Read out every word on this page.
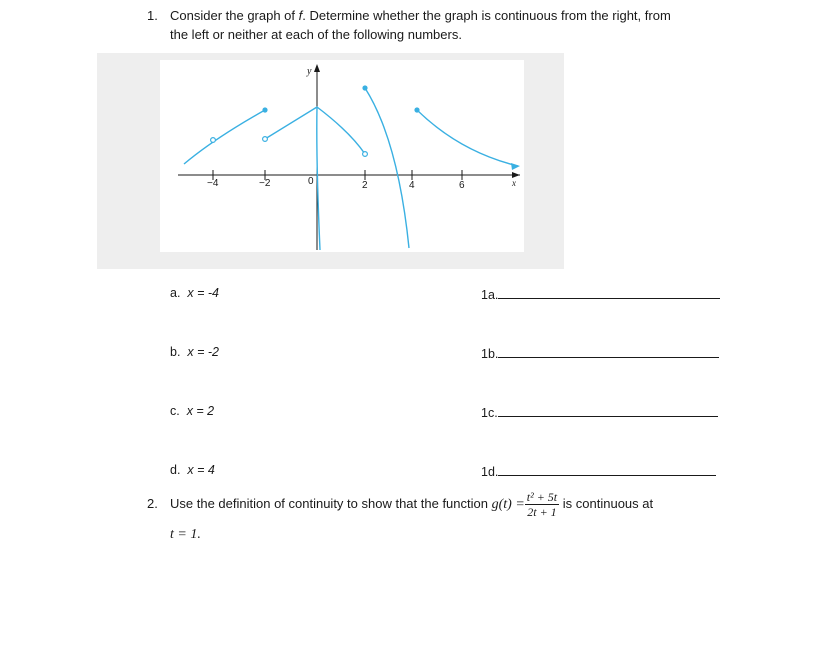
1. Consider the graph of f. Determine whether the graph is continuous from the right, from
the left or neither at each of the following numbers.
y
x
−4	−2	0	2	4	6
a. x = -4	1a.
b. x = -2	1b.
c. x = 2	1c.
d. x = 4	1d.
2. Use the definition of continuity to show that the function $g(t) = \frac{\text{t² + 5t}}{2t + 1}$ is continuous at
t = 1.
